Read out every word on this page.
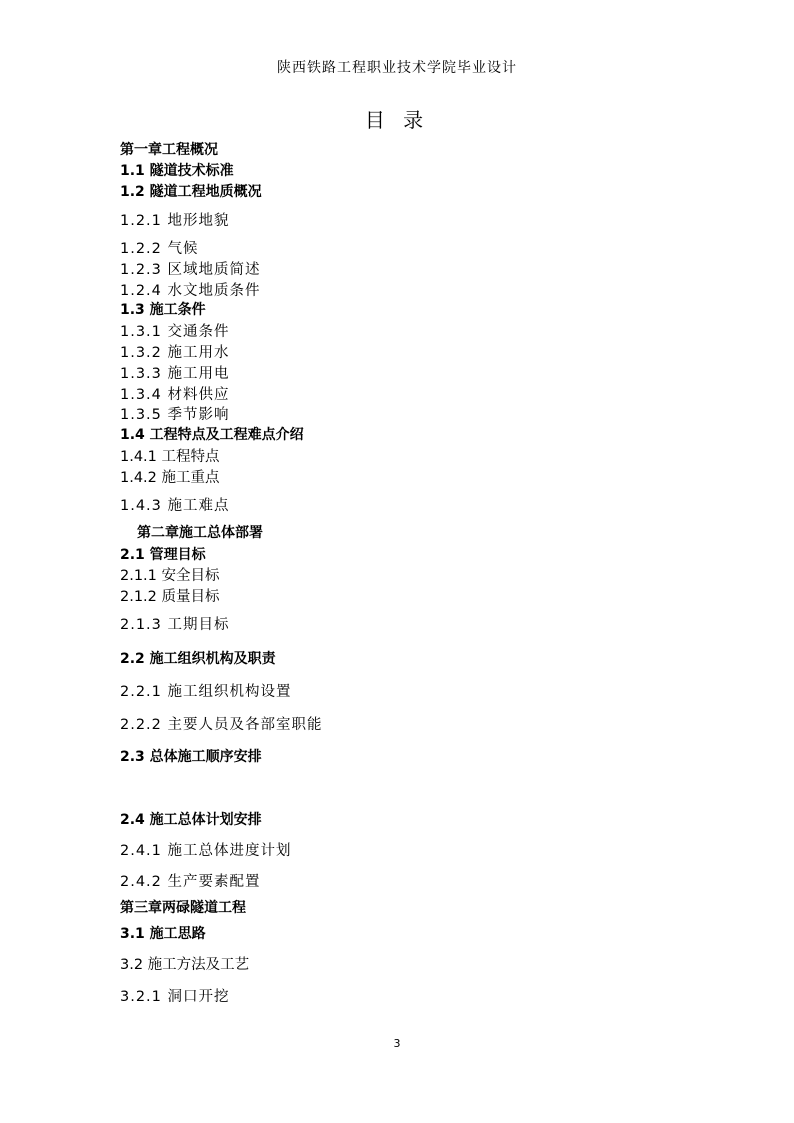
陕西铁路工程职业技术学院毕业设计
目 录
第一章工程概况
1.1 隧道技术标准
1.2 隧道工程地质概况
1.2.1 地形地貌
1.2.2 气候
1.2.3 区域地质简述
1.2.4 水文地质条件
1.3 施工条件
1.3.1 交通条件
1.3.2 施工用水
1.3.3 施工用电
1.3.4 材料供应
1.3.5 季节影响
1.4 工程特点及工程难点介绍
1.4.1 工程特点
1.4.2 施工重点
1.4.3 施工难点
第二章施工总体部署
2.1 管理目标
2.1.1 安全目标
2.1.2 质量目标
2.1.3 工期目标
2.2 施工组织机构及职责
2.2.1 施工组织机构设置
2.2.2 主要人员及各部室职能
2.3 总体施工顺序安排
2.4 施工总体计划安排
2.4.1 施工总体进度计划
2.4.2 生产要素配置
第三章两碌隧道工程
3.1 施工思路
3.2 施工方法及工艺
3.2.1 洞口开挖
3
